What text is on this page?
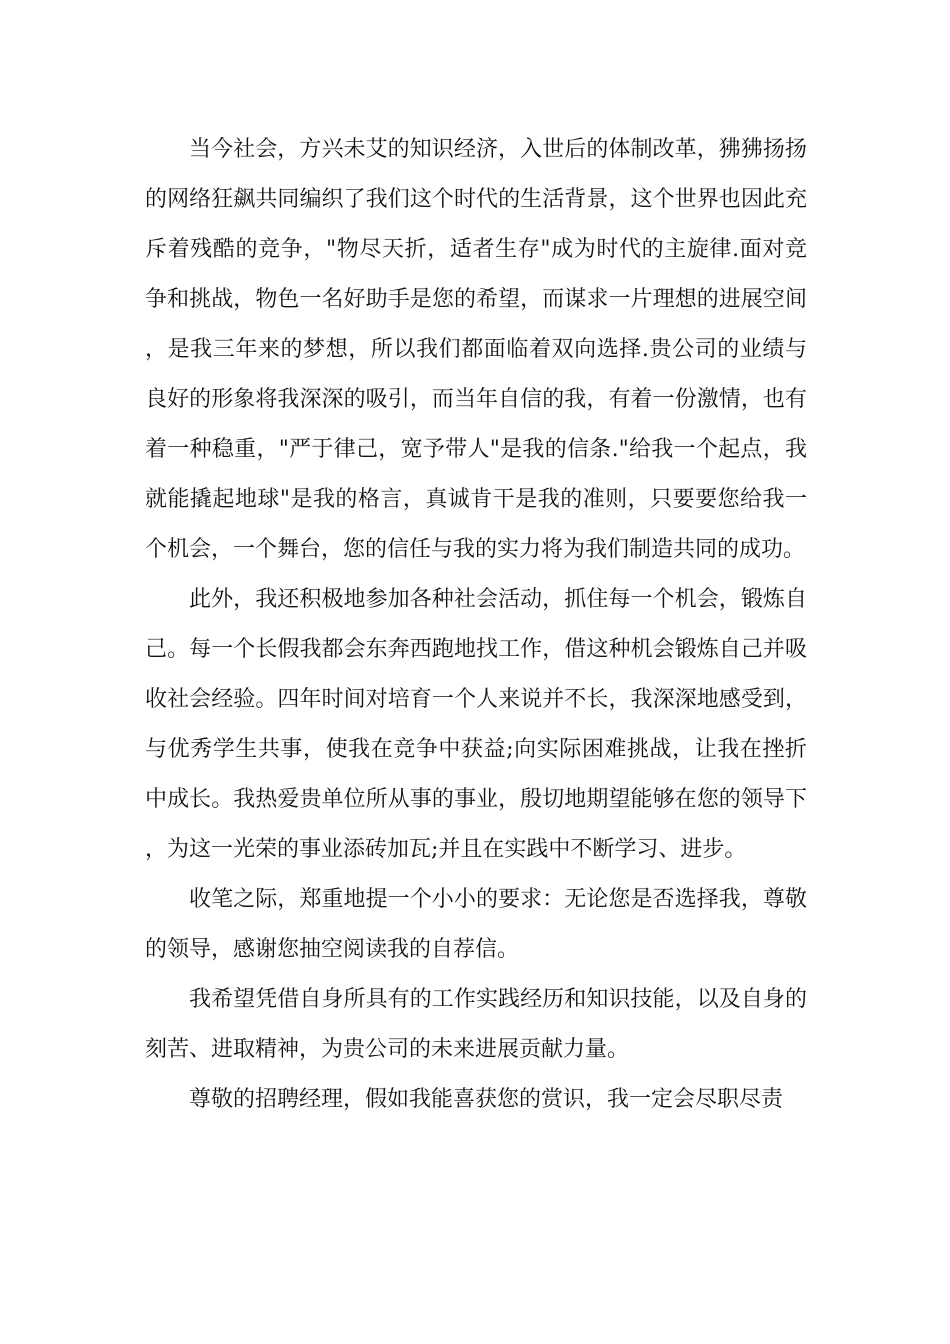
当今社会，方兴未艾的知识经济，入世后的体制改革，狒狒扬扬的网络狂飙共同编织了我们这个时代的生活背景，这个世界也因此充斥着残酷的竞争，"物尽天折，适者生存"成为时代的主旋律.面对竞争和挑战，物色一名好助手是您的希望，而谋求一片理想的进展空间，是我三年来的梦想，所以我们都面临着双向选择.贵公司的业绩与良好的形象将我深深的吸引，而当年自信的我，有着一份激情，也有着一种稳重，"严于律己，宽予带人"是我的信条."给我一个起点，我就能撬起地球"是我的格言，真诚肯干是我的准则，只要要您给我一个机会，一个舞台，您的信任与我的实力将为我们制造共同的成功。

此外，我还积极地参加各种社会活动，抓住每一个机会，锻炼自己。每一个长假我都会东奔西跑地找工作，借这种机会锻炼自己并吸收社会经验。四年时间对培育一个人来说并不长，我深深地感受到，与优秀学生共事，使我在竞争中获益;向实际困难挑战，让我在挫折中成长。我热爱贵单位所从事的事业，殷切地期望能够在您的领导下，为这一光荣的事业添砖加瓦;并且在实践中不断学习、进步。

收笔之际，郑重地提一个小小的要求：无论您是否选择我，尊敬的领导，感谢您抽空阅读我的自荐信。

我希望凭借自身所具有的工作实践经历和知识技能，以及自身的刻苦、进取精神，为贵公司的未来进展贡献力量。

尊敬的招聘经理，假如我能喜获您的赏识，我一定会尽职尽责
